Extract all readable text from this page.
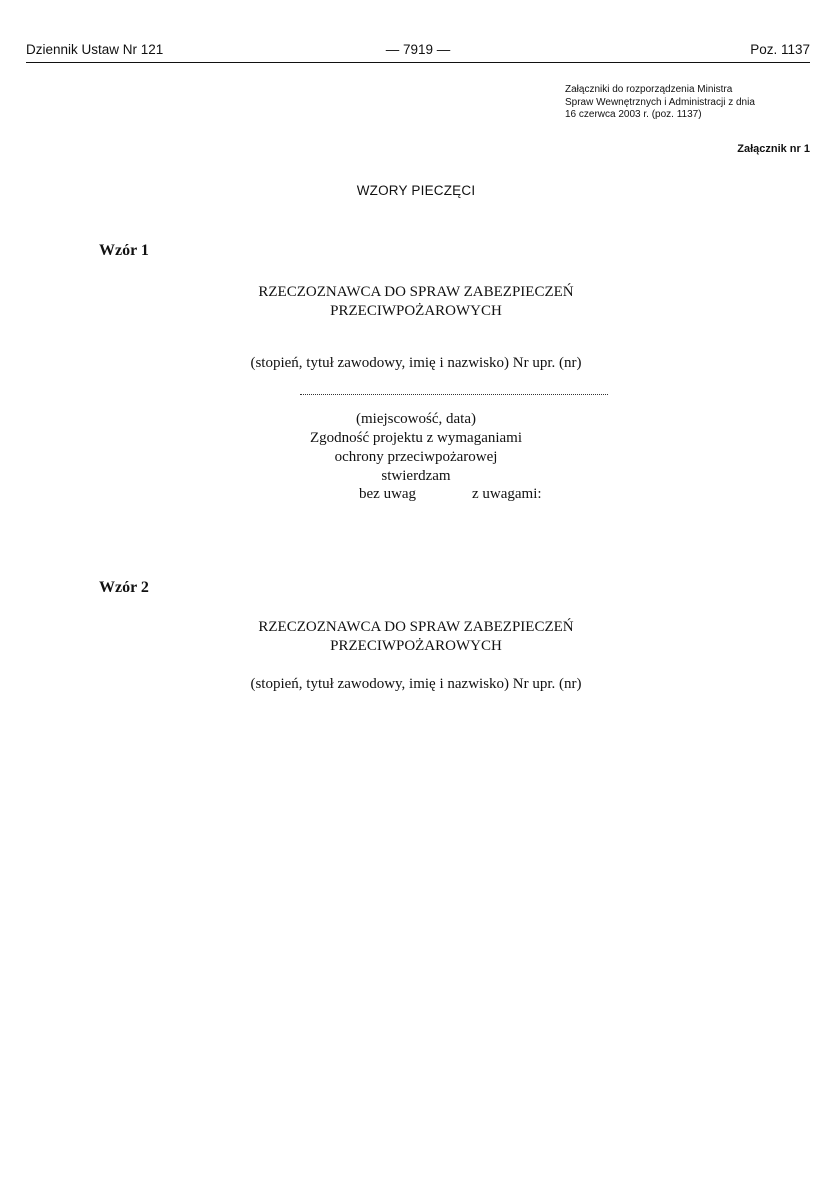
Dziennik Ustaw Nr 121	— 7919 —	Poz. 1137
Załączniki do rozporządzenia Ministra
Spraw Wewnętrznych i Administracji z dnia
16 czerwca 2003 r. (poz. 1137)
Załącznik nr 1
WZORY PIECZĘCI
Wzór 1
RZECZOZNAWCA DO SPRAW ZABEZPIECZEŃ
PRZECIWPOŻAROWYCH
(stopień, tytuł zawodowy, imię i nazwisko) Nr upr. (nr)
(miejscowość, data)
Zgodność projektu z wymaganiami
ochrony przeciwpożarowej
stwierdzam
bez uwag	z uwagami:
Wzór 2
RZECZOZNAWCA DO SPRAW ZABEZPIECZEŃ
PRZECIWPOŻAROWYCH
(stopień, tytuł zawodowy, imię i nazwisko) Nr upr. (nr)
